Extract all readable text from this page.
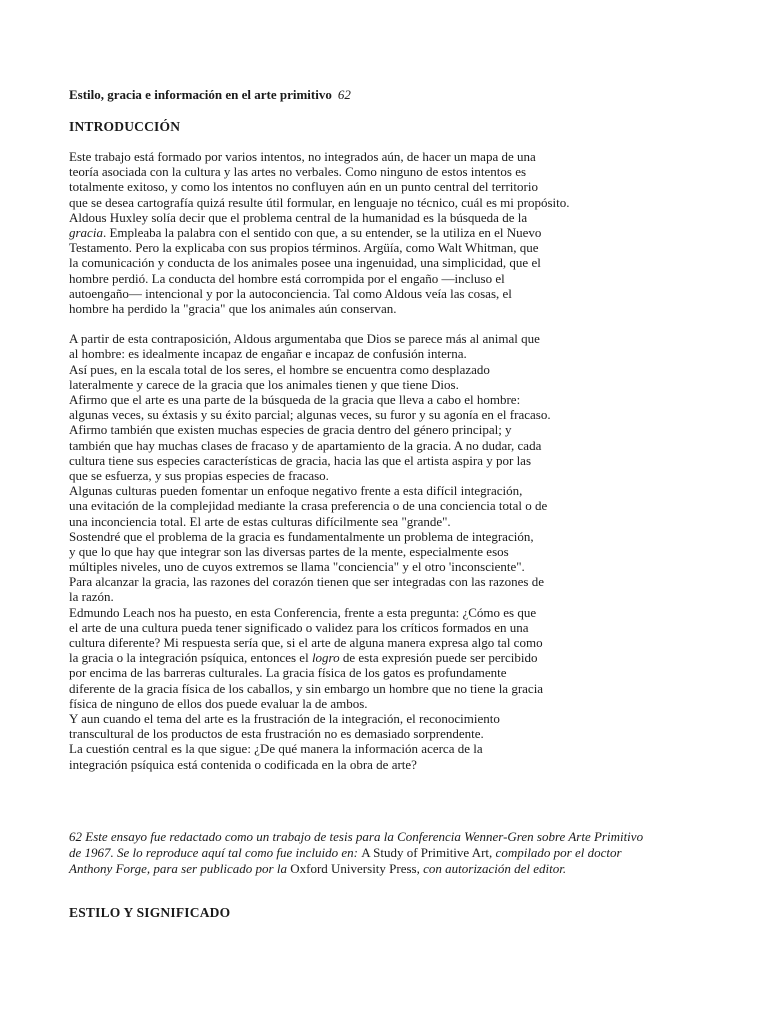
Estilo, gracia e información en el arte primitivo 62
INTRODUCCIÓN
Este trabajo está formado por varios intentos, no integrados aún, de hacer un mapa de una
teoría asociada con la cultura y las artes no verbales. Como ninguno de estos intentos es
totalmente exitoso, y como los intentos no confluyen aún en un punto central del territorio
que se desea cartografía quizá resulte útil formular, en lenguaje no técnico, cuál es mi propósito.
Aldous Huxley solía decir que el problema central de la humanidad es la búsqueda de la
gracia. Empleaba la palabra con el sentido con que, a su entender, se la utiliza en el Nuevo
Testamento. Pero la explicaba con sus propios términos. Argüía, como Walt Whitman, que
la comunicación y conducta de los animales posee una ingenuidad, una simplicidad, que el
hombre perdió. La conducta del hombre está corrompida por el engaño —incluso el
autoengaño— intencional y por la autoconciencia. Tal como Aldous veía las cosas, el
hombre ha perdido la "gracia" que los animales aún conservan.
A partir de esta contraposición, Aldous argumentaba que Dios se parece más al animal que
al hombre: es idealmente incapaz de engañar e incapaz de confusión interna.
Así pues, en la escala total de los seres, el hombre se encuentra como desplazado
lateralmente y carece de la gracia que los animales tienen y que tiene Dios.
Afirmo que el arte es una parte de la búsqueda de la gracia que lleva a cabo el hombre:
algunas veces, su éxtasis y su éxito parcial; algunas veces, su furor y su agonía en el fracaso.
Afirmo también que existen muchas especies de gracia dentro del género principal; y
también que hay muchas clases de fracaso y de apartamiento de la gracia. A no dudar, cada
cultura tiene sus especies características de gracia, hacia las que el artista aspira y por las
que se esfuerza, y sus propias especies de fracaso.
Algunas culturas pueden fomentar un enfoque negativo frente a esta difícil integración,
una evitación de la complejidad mediante la crasa preferencia o de una conciencia total o de
una inconciencia total. El arte de estas culturas difícilmente sea "grande".
Sostendré que el problema de la gracia es fundamentalmente un problema de integración,
y que lo que hay que integrar son las diversas partes de la mente, especialmente esos
múltiples niveles, uno de cuyos extremos se llama "conciencia" y el otro 'inconsciente".
Para alcanzar la gracia, las razones del corazón tienen que ser integradas con las razones de
la razón.
Edmundo Leach nos ha puesto, en esta Conferencia, frente a esta pregunta: ¿Cómo es que
el arte de una cultura pueda tener significado o validez para los críticos formados en una
cultura diferente? Mi respuesta sería que, si el arte de alguna manera expresa algo tal como
la gracia o la integración psíquica, entonces el logro de esta expresión puede ser percibido
por encima de las barreras culturales. La gracia física de los gatos es profundamente
diferente de la gracia física de los caballos, y sin embargo un hombre que no tiene la gracia
física de ninguno de ellos dos puede evaluar la de ambos.
Y aun cuando el tema del arte es la frustración de la integración, el reconocimiento
transcultural de los productos de esta frustración no es demasiado sorprendente.
La cuestión central es la que sigue: ¿De qué manera la información acerca de la
integración psíquica está contenida o codificada en la obra de arte?
62 Este ensayo fue redactado como un trabajo de tesis para la Conferencia Wenner-Gren sobre Arte Primitivo
de 1967. Se lo reproduce aquí tal como fue incluido en: A Study of Primitive Art, compilado por el doctor
Anthony Forge, para ser publicado por la Oxford University Press, con autorización del editor.
ESTILO Y SIGNIFICADO
